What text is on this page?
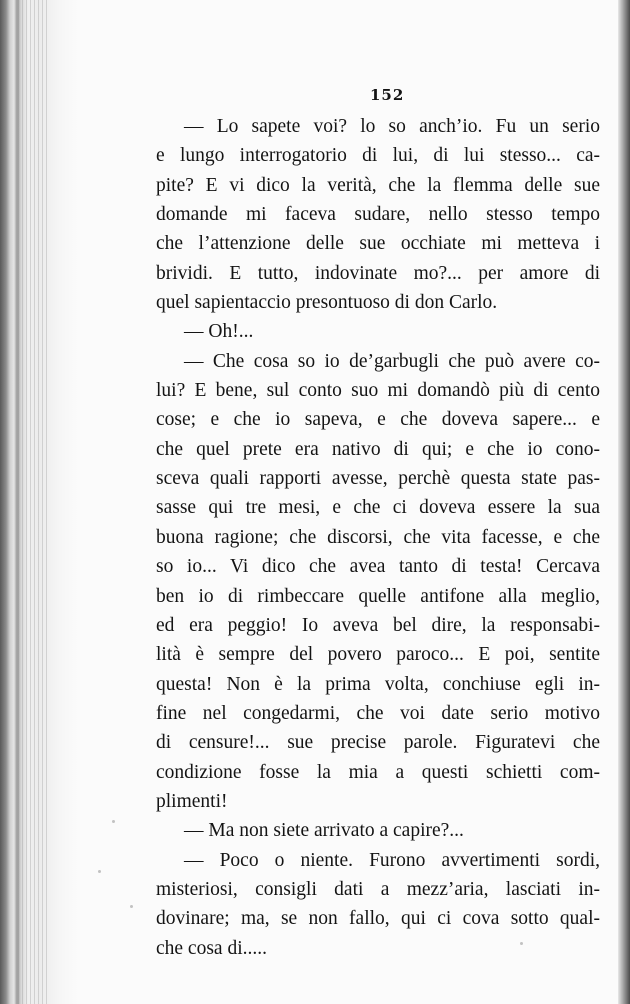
152

— Lo sapete voi? lo so anch’io. Fu un serio
e lungo interrogatorio di lui, di lui stesso... ca-
pite? E vi dico la verità, che la flemma delle sue
domande mi faceva sudare, nello stesso tempo
che l’attenzione delle sue occhiate mi metteva i
brividi. E tutto, indovinate mo?... per amore di
quel sapientaccio presontuoso di don Carlo.
— Oh!...
— Che cosa so io de’garbugli che può avere co-
lui? E bene, sul conto suo mi domandò più di cento
cose; e che io sapeva, e che doveva sapere... e
che quel prete era nativo di qui; e che io cono-
sceva quali rapporti avesse, perchè questa state pas-
sasse qui tre mesi, e che ci doveva essere la sua
buona ragione; che discorsi, che vita facesse, e che
so io... Vi dico che avea tanto di testa! Cercava
ben io di rimbeccare quelle antifone alla meglio,
ed era peggio! Io aveva bel dire, la responsabi-
lità è sempre del povero paroco... E poi, sentite
questa! Non è la prima volta, conchiuse egli in-
fine nel congedarmi, che voi date serio motivo
di censure!... sue precise parole. Figuratevi che
condizione fosse la mia a questi schietti com-
plimenti!
— Ma non siete arrivato a capire?...
— Poco o niente. Furono avvertimenti sordi,
misteriosi, consigli dati a mezz’aria, lasciati in-
dovinare; ma, se non fallo, qui ci cova sotto qual-
che cosa di.....
